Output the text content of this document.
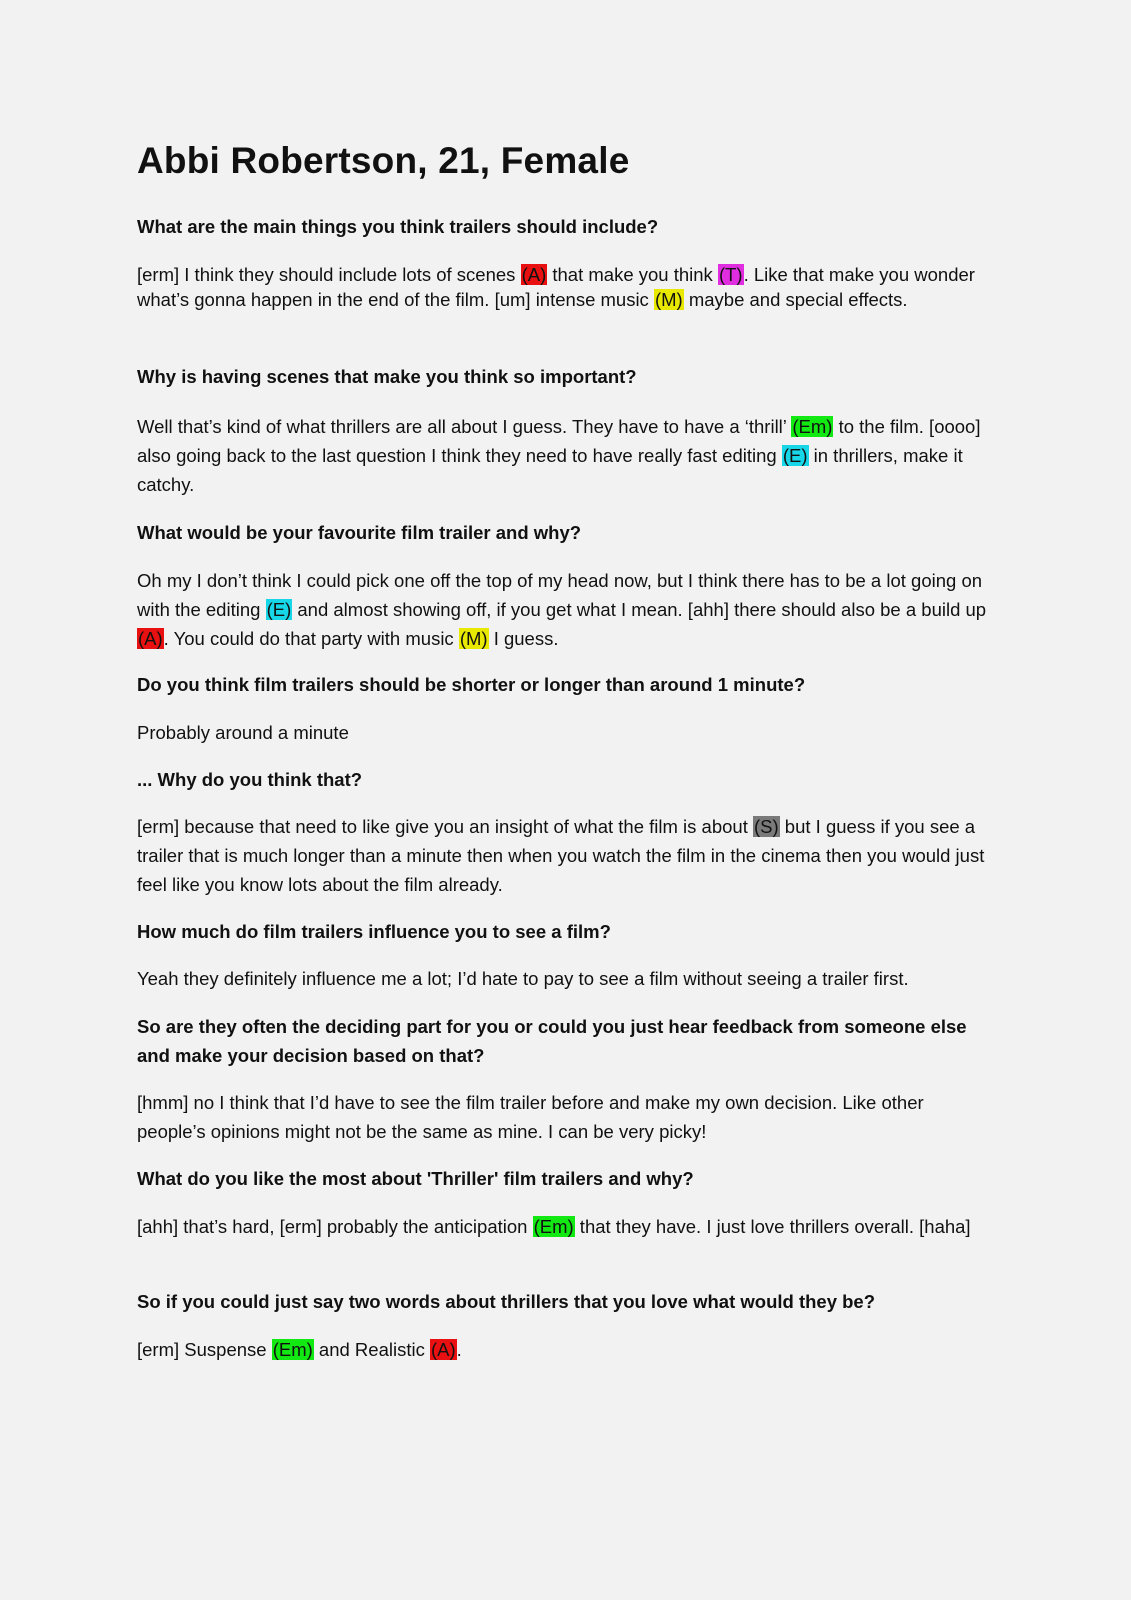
Abbi Robertson, 21, Female

What are the main things you think trailers should include?

[erm] I think they should include lots of scenes (A) that make you think (T). Like that make you wonder what’s gonna happen in the end of the film. [um] intense music (M) maybe and special effects.

Why is having scenes that make you think so important?

Well that’s kind of what thrillers are all about I guess. They have to have a ‘thrill’ (Em) to the film. [oooo] also going back to the last question I think they need to have really fast editing (E) in thrillers, make it catchy.

What would be your favourite film trailer and why?

Oh my I don’t think I could pick one off the top of my head now, but I think there has to be a lot going on with the editing (E) and almost showing off, if you get what I mean. [ahh] there should also be a build up (A). You could do that party with music (M) I guess.

Do you think film trailers should be shorter or longer than around 1 minute?

Probably around a minute

... Why do you think that?

[erm] because that need to like give you an insight of what the film is about (S) but I guess if you see a trailer that is much longer than a minute then when you watch the film in the cinema then you would just feel like you know lots about the film already.

How much do film trailers influence you to see a film?

Yeah they definitely influence me a lot; I’d hate to pay to see a film without seeing a trailer first.

So are they often the deciding part for you or could you just hear feedback from someone else and make your decision based on that?

[hmm] no I think that I’d have to see the film trailer before and make my own decision. Like other people’s opinions might not be the same as mine. I can be very picky!

What do you like the most about 'Thriller' film trailers and why?

[ahh] that’s hard, [erm] probably the anticipation (Em) that they have. I just love thrillers overall. [haha]

So if you could just say two words about thrillers that you love what would they be?

[erm] Suspense (Em) and Realistic (A).
